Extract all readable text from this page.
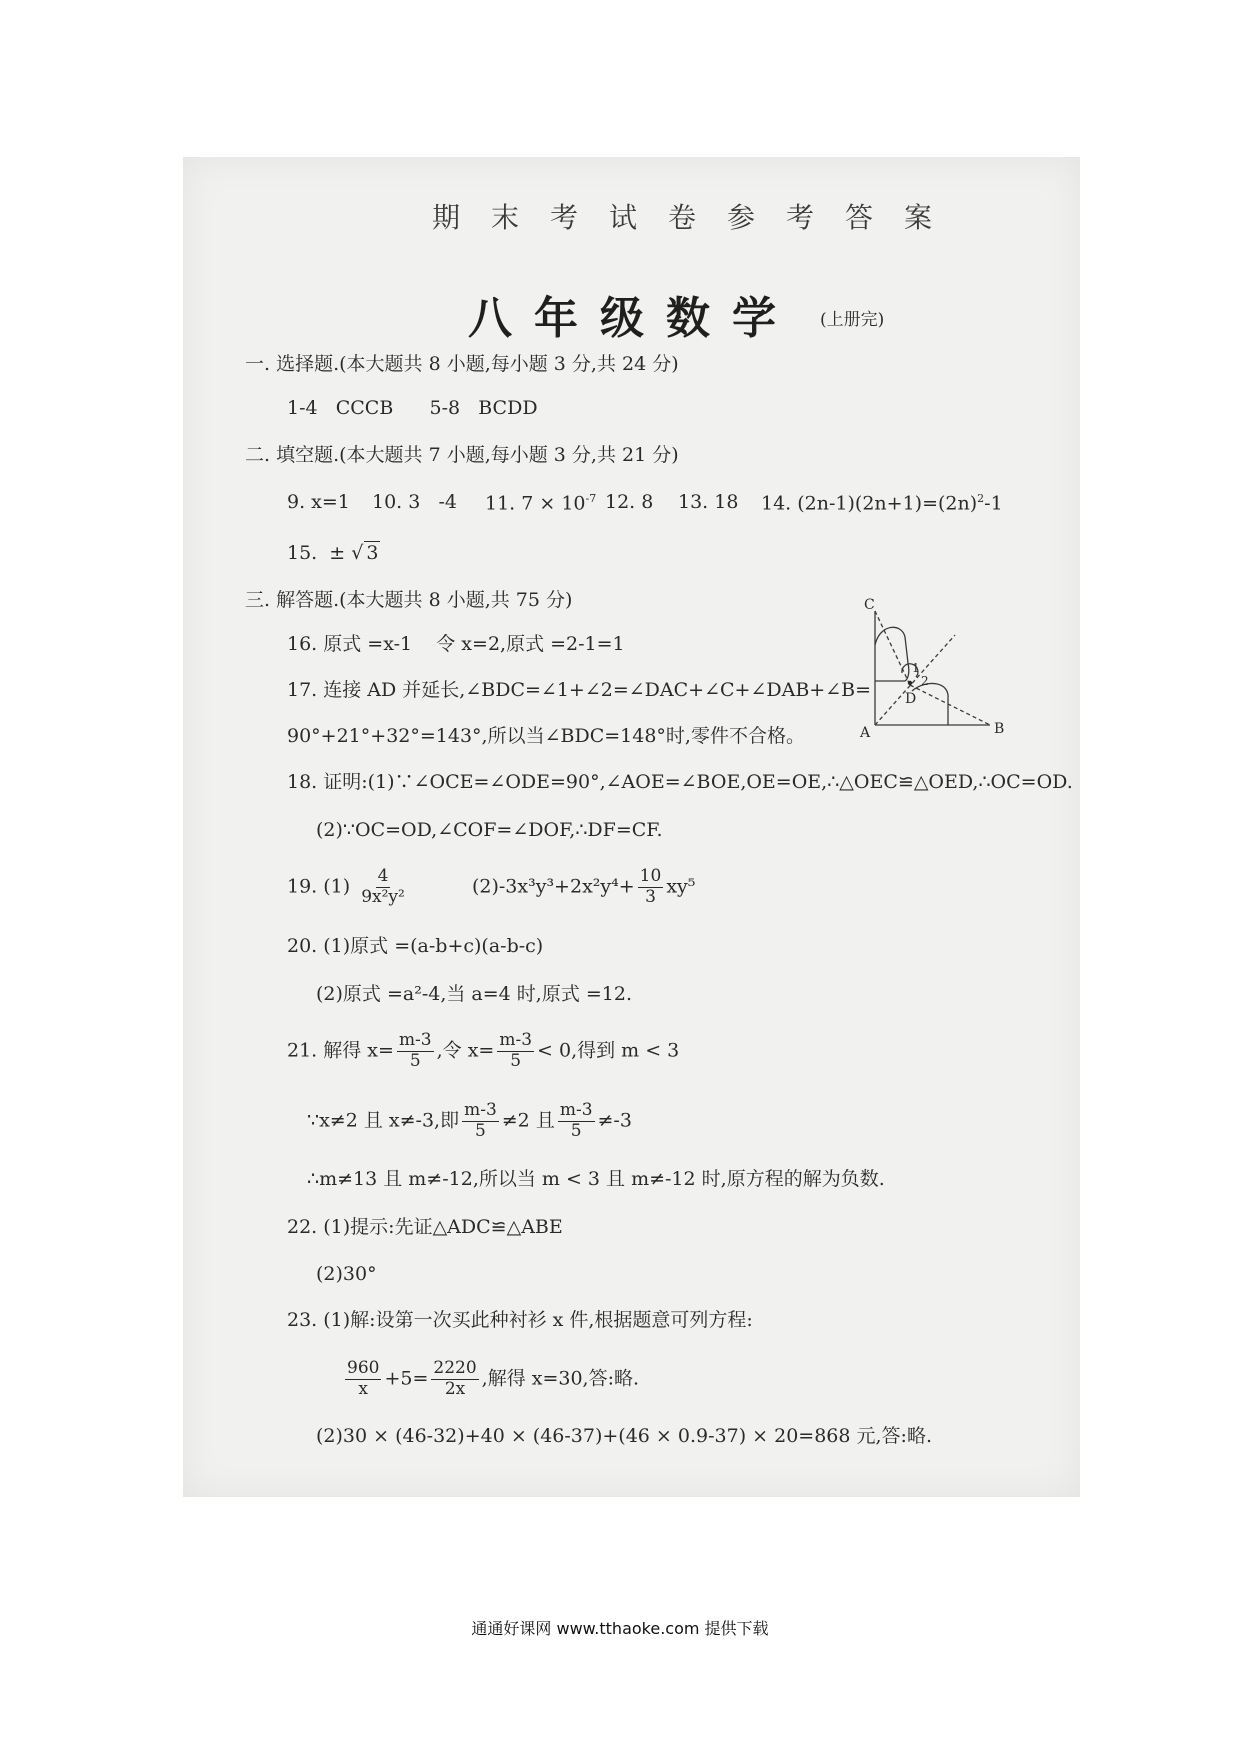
期末考试卷参考答案
八年级数学 (上册完)
一. 选择题.(本大题共 8 小题,每小题 3 分,共 24 分)
1-4   CCCB      5-8   BCDD
二. 填空题.(本大题共 7 小题,每小题 3 分,共 21 分)
9. x=1 10. 3   -4 11. $7 \times 10^{-7}$ 12. 8 13. 18 14. $(2n-1)(2n+1)=(2n)^2-1$
15.  ± √ 3
三. 解答题.(本大题共 8 小题,共 75 分)
16. 原式 =x-1    令 x=2,原式 =2-1=1
17. 连接 AD 并延长,∠BDC=∠1+∠2=∠DAC+∠C+∠DAB+∠B=
90°+21°+32°=143°,所以当∠BDC=148°时,零件不合格。
18. 证明:(1)∵∠OCE=∠ODE=90°,∠AOE=∠BOE,OE=OE,∴△OEC≌△OED,∴OC=OD.
(2)∵OC=OD,∠COF=∠DOF,∴DF=CF.
19. $(1) \frac{4}{\text{9x²y²}}$	$(2)-3x^3y^3+2x^2y^4+ \frac{10}{3} xy^5$
20. (1)原式 =(a-b+c)(a-b-c)
(2)原式 =a²-4,当 a=4 时,原式 =12.
21. 解得 $x= \frac{m-3}{5}$ ,令 $x= \frac{m-3}{5} < 0$,得到 m < 3
∵x≠2 且 x≠-3,即 $\frac{m-3}{5} \ne 2$ 且 $\frac{m-3}{5} \ne-3$
∴m≠13 且 m≠-12,所以当 m < 3 且 m≠-12 时,原方程的解为负数.
22. (1)提示:先证△ADC≌△ABE
(2)30°
23. (1)解:设第一次买此种衬衫 x 件,根据题意可列方程:
$\frac{960}{x} +5= \frac{2220}{2x}$ ,解得 x=30,答:略.
(2)30 × (46-32)+40 × (46-37)+(46 × 0.9-37) × 20=868 元,答:略.
C
A	B
D
1
2
通通好课网 www.tthaoke.com 提供下载
